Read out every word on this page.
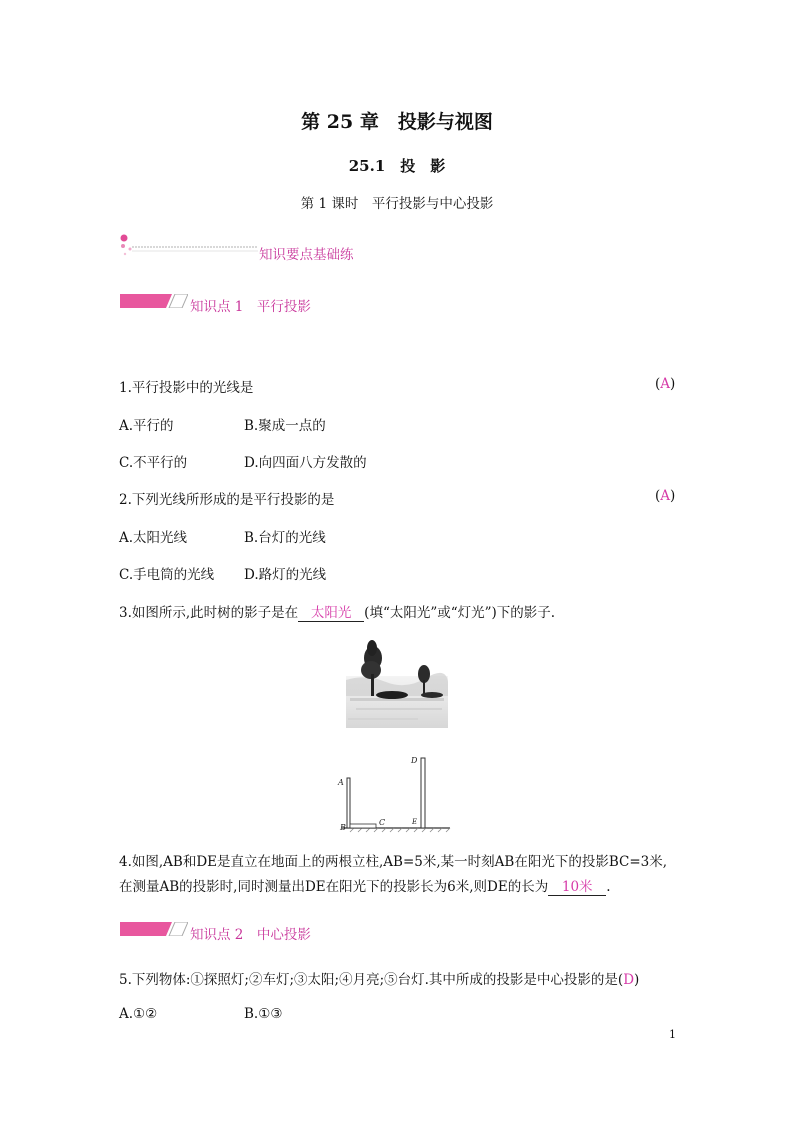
第 25 章　投影与视图
25.1　投　影
第 1 课时　平行投影与中心投影
知识要点基础练
知识点 1　平行投影
1.平行投影中的光线是	(A)
A.平行的	B.聚成一点的
C.不平行的	D.向四面八方发散的
2.下列光线所形成的是平行投影的是	(A)
A.太阳光线	B.台灯的光线
C.手电筒的光线 D.路灯的光线
3.如图所示,此时树的影子是在 太阳光 (填“太阳光”或“灯光”)下的影子.
A
B
C
D
E
4.如图,AB和DE是直立在地面上的两根立柱,AB=5米,某一时刻AB在阳光下的投影BC=3米,
在测量AB的投影时,同时测量出DE在阳光下的投影长为6米,则DE的长为 10米 .
知识点 2　中心投影
5.下列物体:①探照灯;②车灯;③太阳;④月亮;⑤台灯.其中所成的投影是中心投影的是(D)
A.①②	B.①③
1
